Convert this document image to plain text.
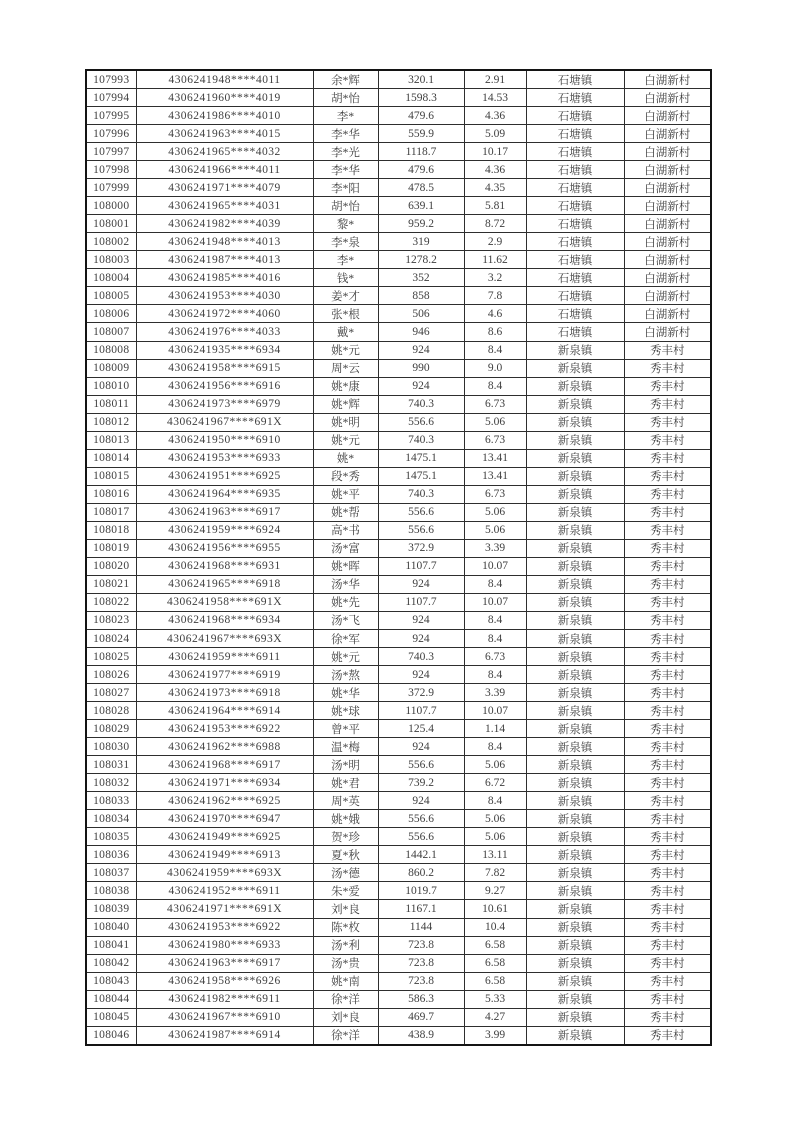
107993	4306241948****4011	余*辉	320.1	2.91	石塘镇	白湖新村
107994	4306241960****4019	胡*怡	1598.3	14.53	石塘镇	白湖新村
107995	4306241986****4010	李*	479.6	4.36	石塘镇	白湖新村
107996	4306241963****4015	李*华	559.9	5.09	石塘镇	白湖新村
107997	4306241965****4032	李*光	1118.7	10.17	石塘镇	白湖新村
107998	4306241966****4011	李*华	479.6	4.36	石塘镇	白湖新村
107999	4306241971****4079	李*阳	478.5	4.35	石塘镇	白湖新村
108000	4306241965****4031	胡*怡	639.1	5.81	石塘镇	白湖新村
108001	4306241982****4039	黎*	959.2	8.72	石塘镇	白湖新村
108002	4306241948****4013	李*泉	319	2.9	石塘镇	白湖新村
108003	4306241987****4013	李*	1278.2	11.62	石塘镇	白湖新村
108004	4306241985****4016	钱*	352	3.2	石塘镇	白湖新村
108005	4306241953****4030	姜*才	858	7.8	石塘镇	白湖新村
108006	4306241972****4060	张*根	506	4.6	石塘镇	白湖新村
108007	4306241976****4033	戴*	946	8.6	石塘镇	白湖新村
108008	4306241935****6934	姚*元	924	8.4	新泉镇	秀丰村
108009	4306241958****6915	周*云	990	9.0	新泉镇	秀丰村
108010	4306241956****6916	姚*康	924	8.4	新泉镇	秀丰村
108011	4306241973****6979	姚*辉	740.3	6.73	新泉镇	秀丰村
108012	4306241967****691X	姚*明	556.6	5.06	新泉镇	秀丰村
108013	4306241950****6910	姚*元	740.3	6.73	新泉镇	秀丰村
108014	4306241953****6933	姚*	1475.1	13.41	新泉镇	秀丰村
108015	4306241951****6925	段*秀	1475.1	13.41	新泉镇	秀丰村
108016	4306241964****6935	姚*平	740.3	6.73	新泉镇	秀丰村
108017	4306241963****6917	姚*帮	556.6	5.06	新泉镇	秀丰村
108018	4306241959****6924	高*书	556.6	5.06	新泉镇	秀丰村
108019	4306241956****6955	汤*富	372.9	3.39	新泉镇	秀丰村
108020	4306241968****6931	姚*晖	1107.7	10.07	新泉镇	秀丰村
108021	4306241965****6918	汤*华	924	8.4	新泉镇	秀丰村
108022	4306241958****691X	姚*先	1107.7	10.07	新泉镇	秀丰村
108023	4306241968****6934	汤*飞	924	8.4	新泉镇	秀丰村
108024	4306241967****693X	徐*军	924	8.4	新泉镇	秀丰村
108025	4306241959****6911	姚*元	740.3	6.73	新泉镇	秀丰村
108026	4306241977****6919	汤*熬	924	8.4	新泉镇	秀丰村
108027	4306241973****6918	姚*华	372.9	3.39	新泉镇	秀丰村
108028	4306241964****6914	姚*球	1107.7	10.07	新泉镇	秀丰村
108029	4306241953****6922	曾*平	125.4	1.14	新泉镇	秀丰村
108030	4306241962****6988	温*梅	924	8.4	新泉镇	秀丰村
108031	4306241968****6917	汤*明	556.6	5.06	新泉镇	秀丰村
108032	4306241971****6934	姚*君	739.2	6.72	新泉镇	秀丰村
108033	4306241962****6925	周*英	924	8.4	新泉镇	秀丰村
108034	4306241970****6947	姚*娥	556.6	5.06	新泉镇	秀丰村
108035	4306241949****6925	贺*珍	556.6	5.06	新泉镇	秀丰村
108036	4306241949****6913	夏*秋	1442.1	13.11	新泉镇	秀丰村
108037	4306241959****693X	汤*德	860.2	7.82	新泉镇	秀丰村
108038	4306241952****6911	朱*爱	1019.7	9.27	新泉镇	秀丰村
108039	4306241971****691X	刘*良	1167.1	10.61	新泉镇	秀丰村
108040	4306241953****6922	陈*枚	1144	10.4	新泉镇	秀丰村
108041	4306241980****6933	汤*利	723.8	6.58	新泉镇	秀丰村
108042	4306241963****6917	汤*贵	723.8	6.58	新泉镇	秀丰村
108043	4306241958****6926	姚*南	723.8	6.58	新泉镇	秀丰村
108044	4306241982****6911	徐*洋	586.3	5.33	新泉镇	秀丰村
108045	4306241967****6910	刘*良	469.7	4.27	新泉镇	秀丰村
108046	4306241987****6914	徐*洋	438.9	3.99	新泉镇	秀丰村
